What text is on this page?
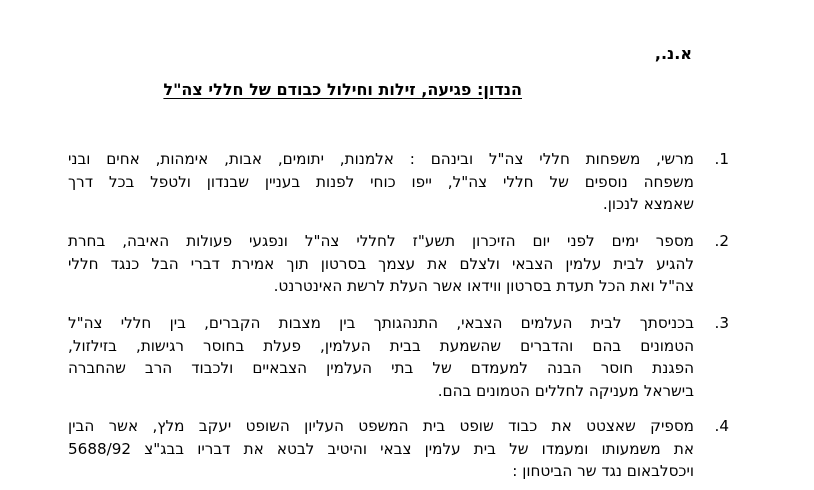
א.נ.,
הנדון: פגיעה, זילות וחילול כבודם של חללי צה"ל
.1
מרשי, משפחות חללי צה"ל ובינהם : אלמנות, יתומים, אבות, אימהות, אחים ובני
משפחה נוספים של חללי צה"ל, ייפו כוחי לפנות בעניין שבנדון ולטפל בכל דרך
שאמצא לנכון.
.2
מספר ימים לפני יום הזיכרון תשע"ז לחללי צה"ל ונפגעי פעולות האיבה, בחרת
להגיע לבית עלמין הצבאי ולצלם את עצמך בסרטון תוך אמירת דברי הבל כנגד חללי
צה"ל ואת הכל תעדת בסרטון ווידאו אשר העלת לרשת האינטרנט.
.3
בכניסתך לבית העלמים הצבאי, התנהגותך בין מצבות הקברים, בין חללי צה"ל
הטמונים בהם והדברים שהשמעת בבית העלמין, פעלת בחוסר רגישות, בזילזול,
הפגנת חוסר הבנה למעמדם של בתי העלמין הצבאיים ולכבוד הרב שהחברה
בישראל מעניקה לחללים הטמונים בהם.
.4
מספיק שאצטט את כבוד שופט בית המשפט העליון השופט יעקב מלץ, אשר הבין
את משמעותו ומעמדו של בית עלמין צבאי והיטיב לבטא את דבריו בבג"צ 5688/92
ויכסלבאום נגד שר הביטחון :
